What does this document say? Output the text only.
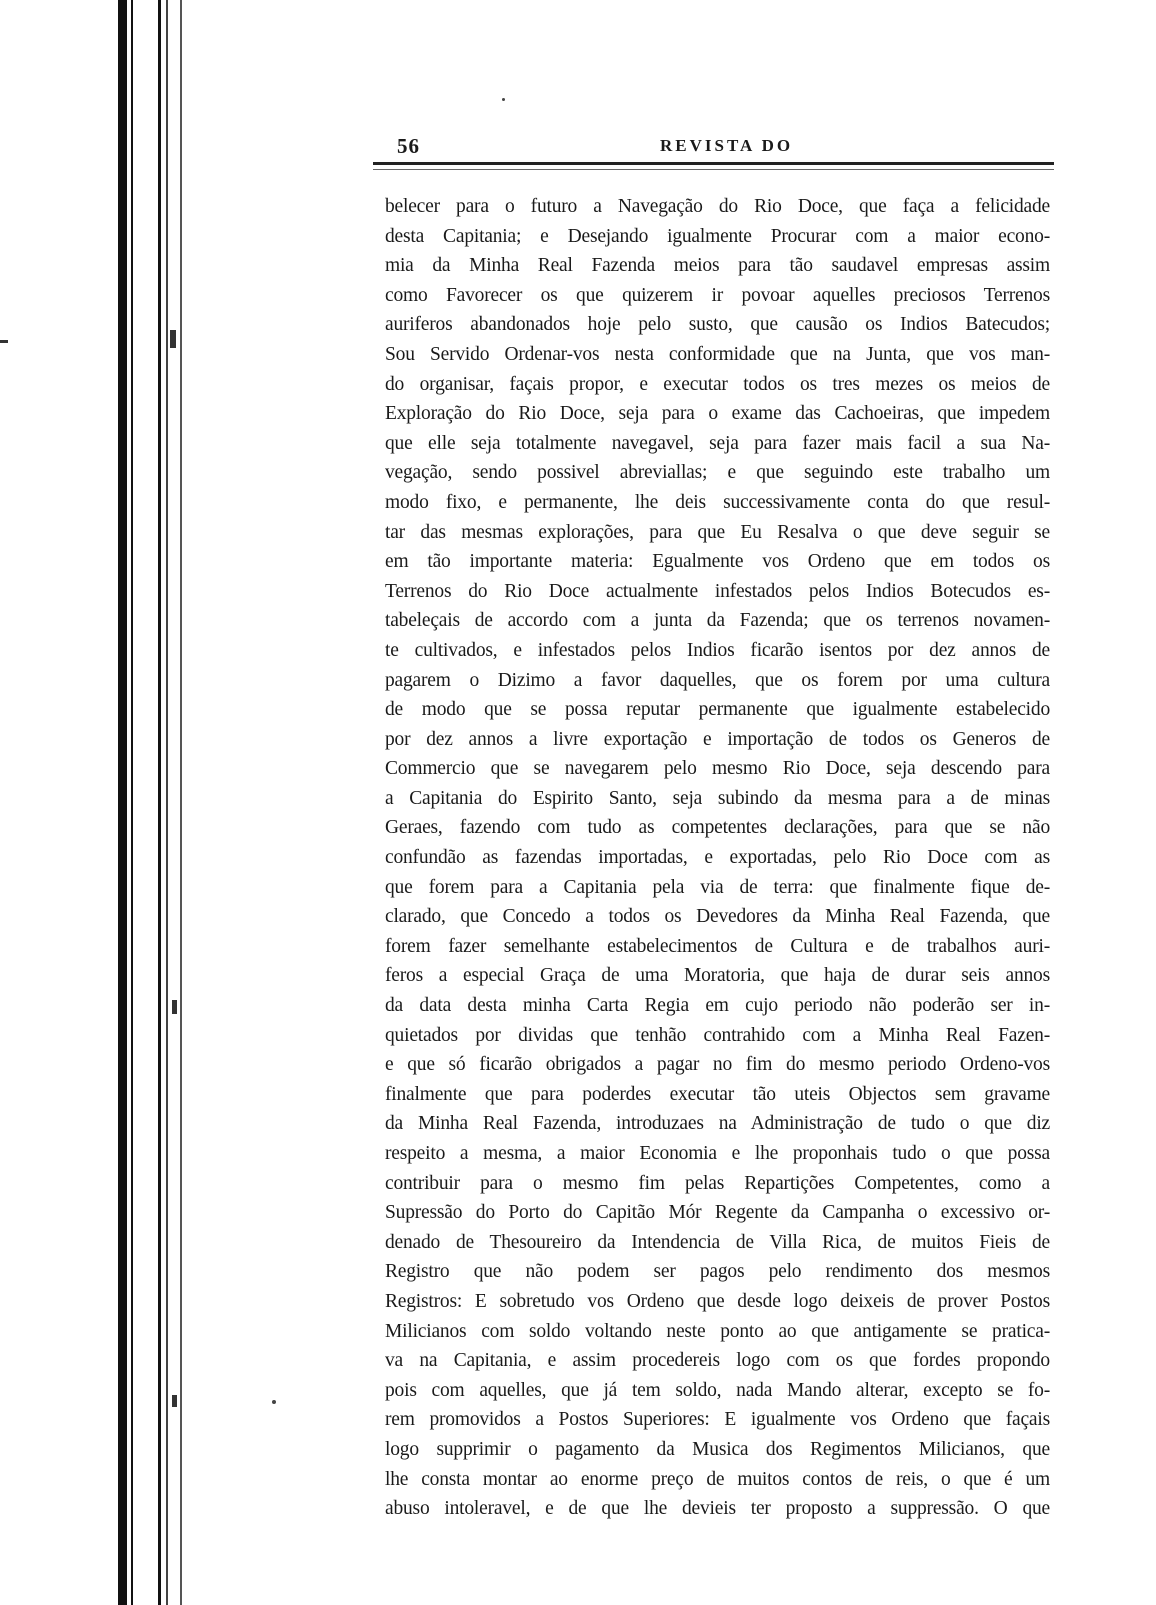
56	REVISTA DO
belecer para o futuro a Navegação do Rio Doce, que faça a felicidade
desta Capitania; e Desejando igualmente Procurar com a maior econo-
mia da Minha Real Fazenda meios para tão saudavel empresas assim
como Favorecer os que quizerem ir povoar aquelles preciosos Terrenos
auriferos abandonados hoje pelo susto, que causão os Indios Batecudos;
Sou Servido Ordenar-vos nesta conformidade que na Junta, que vos man-
do organisar, façais propor, e executar todos os tres mezes os meios de
Exploração do Rio Doce, seja para o exame das Cachoeiras, que impedem
que elle seja totalmente navegavel, seja para fazer mais facil a sua Na-
vegação, sendo possivel abreviallas; e que seguindo este trabalho um
modo fixo, e permanente, lhe deis successivamente conta do que resul-
tar das mesmas explorações, para que Eu Resalva o que deve seguir se
em tão importante materia: Egualmente vos Ordeno que em todos os
Terrenos do Rio Doce actualmente infestados pelos Indios Botecudos es-
tabeleçais de accordo com a junta da Fazenda; que os terrenos novamen-
te cultivados, e infestados pelos Indios ficarão isentos por dez annos de
pagarem o Dizimo a favor daquelles, que os forem por uma cultura
de modo que se possa reputar permanente que igualmente estabelecido
por dez annos a livre exportação e importação de todos os Generos de
Commercio que se navegarem pelo mesmo Rio Doce, seja descendo para
a Capitania do Espirito Santo, seja subindo da mesma para a de minas
Geraes, fazendo com tudo as competentes declarações, para que se não
confundão as fazendas importadas, e exportadas, pelo Rio Doce com as
que forem para a Capitania pela via de terra: que finalmente fique de-
clarado, que Concedo a todos os Devedores da Minha Real Fazenda, que
forem fazer semelhante estabelecimentos de Cultura e de trabalhos auri-
feros a especial Graça de uma Moratoria, que haja de durar seis annos
da data desta minha Carta Regia em cujo periodo não poderão ser in-
quietados por dividas que tenhão contrahido com a Minha Real Fazen-
e que só ficarão obrigados a pagar no fim do mesmo periodo Ordeno-vos
finalmente que para poderdes executar tão uteis Objectos sem gravame
da Minha Real Fazenda, introduzaes na Administração de tudo o que diz
respeito a mesma, a maior Economia e lhe proponhais tudo o que possa
contribuir para o mesmo fim pelas Repartições Competentes, como a
Supressão do Porto do Capitão Mór Regente da Campanha o excessivo or-
denado de Thesoureiro da Intendencia de Villa Rica, de muitos Fieis de
Registro que não podem ser pagos pelo rendimento dos mesmos
Registros: E sobretudo vos Ordeno que desde logo deixeis de prover Postos
Milicianos com soldo voltando neste ponto ao que antigamente se pratica-
va na Capitania, e assim procedereis logo com os que fordes propondo
pois com aquelles, que já tem soldo, nada Mando alterar, excepto se fo-
rem promovidos a Postos Superiores: E igualmente vos Ordeno que façais
logo supprimir o pagamento da Musica dos Regimentos Milicianos, que
lhe consta montar ao enorme preço de muitos contos de reis, o que é um
abuso intoleravel, e de que lhe devieis ter proposto a suppressão. O que
